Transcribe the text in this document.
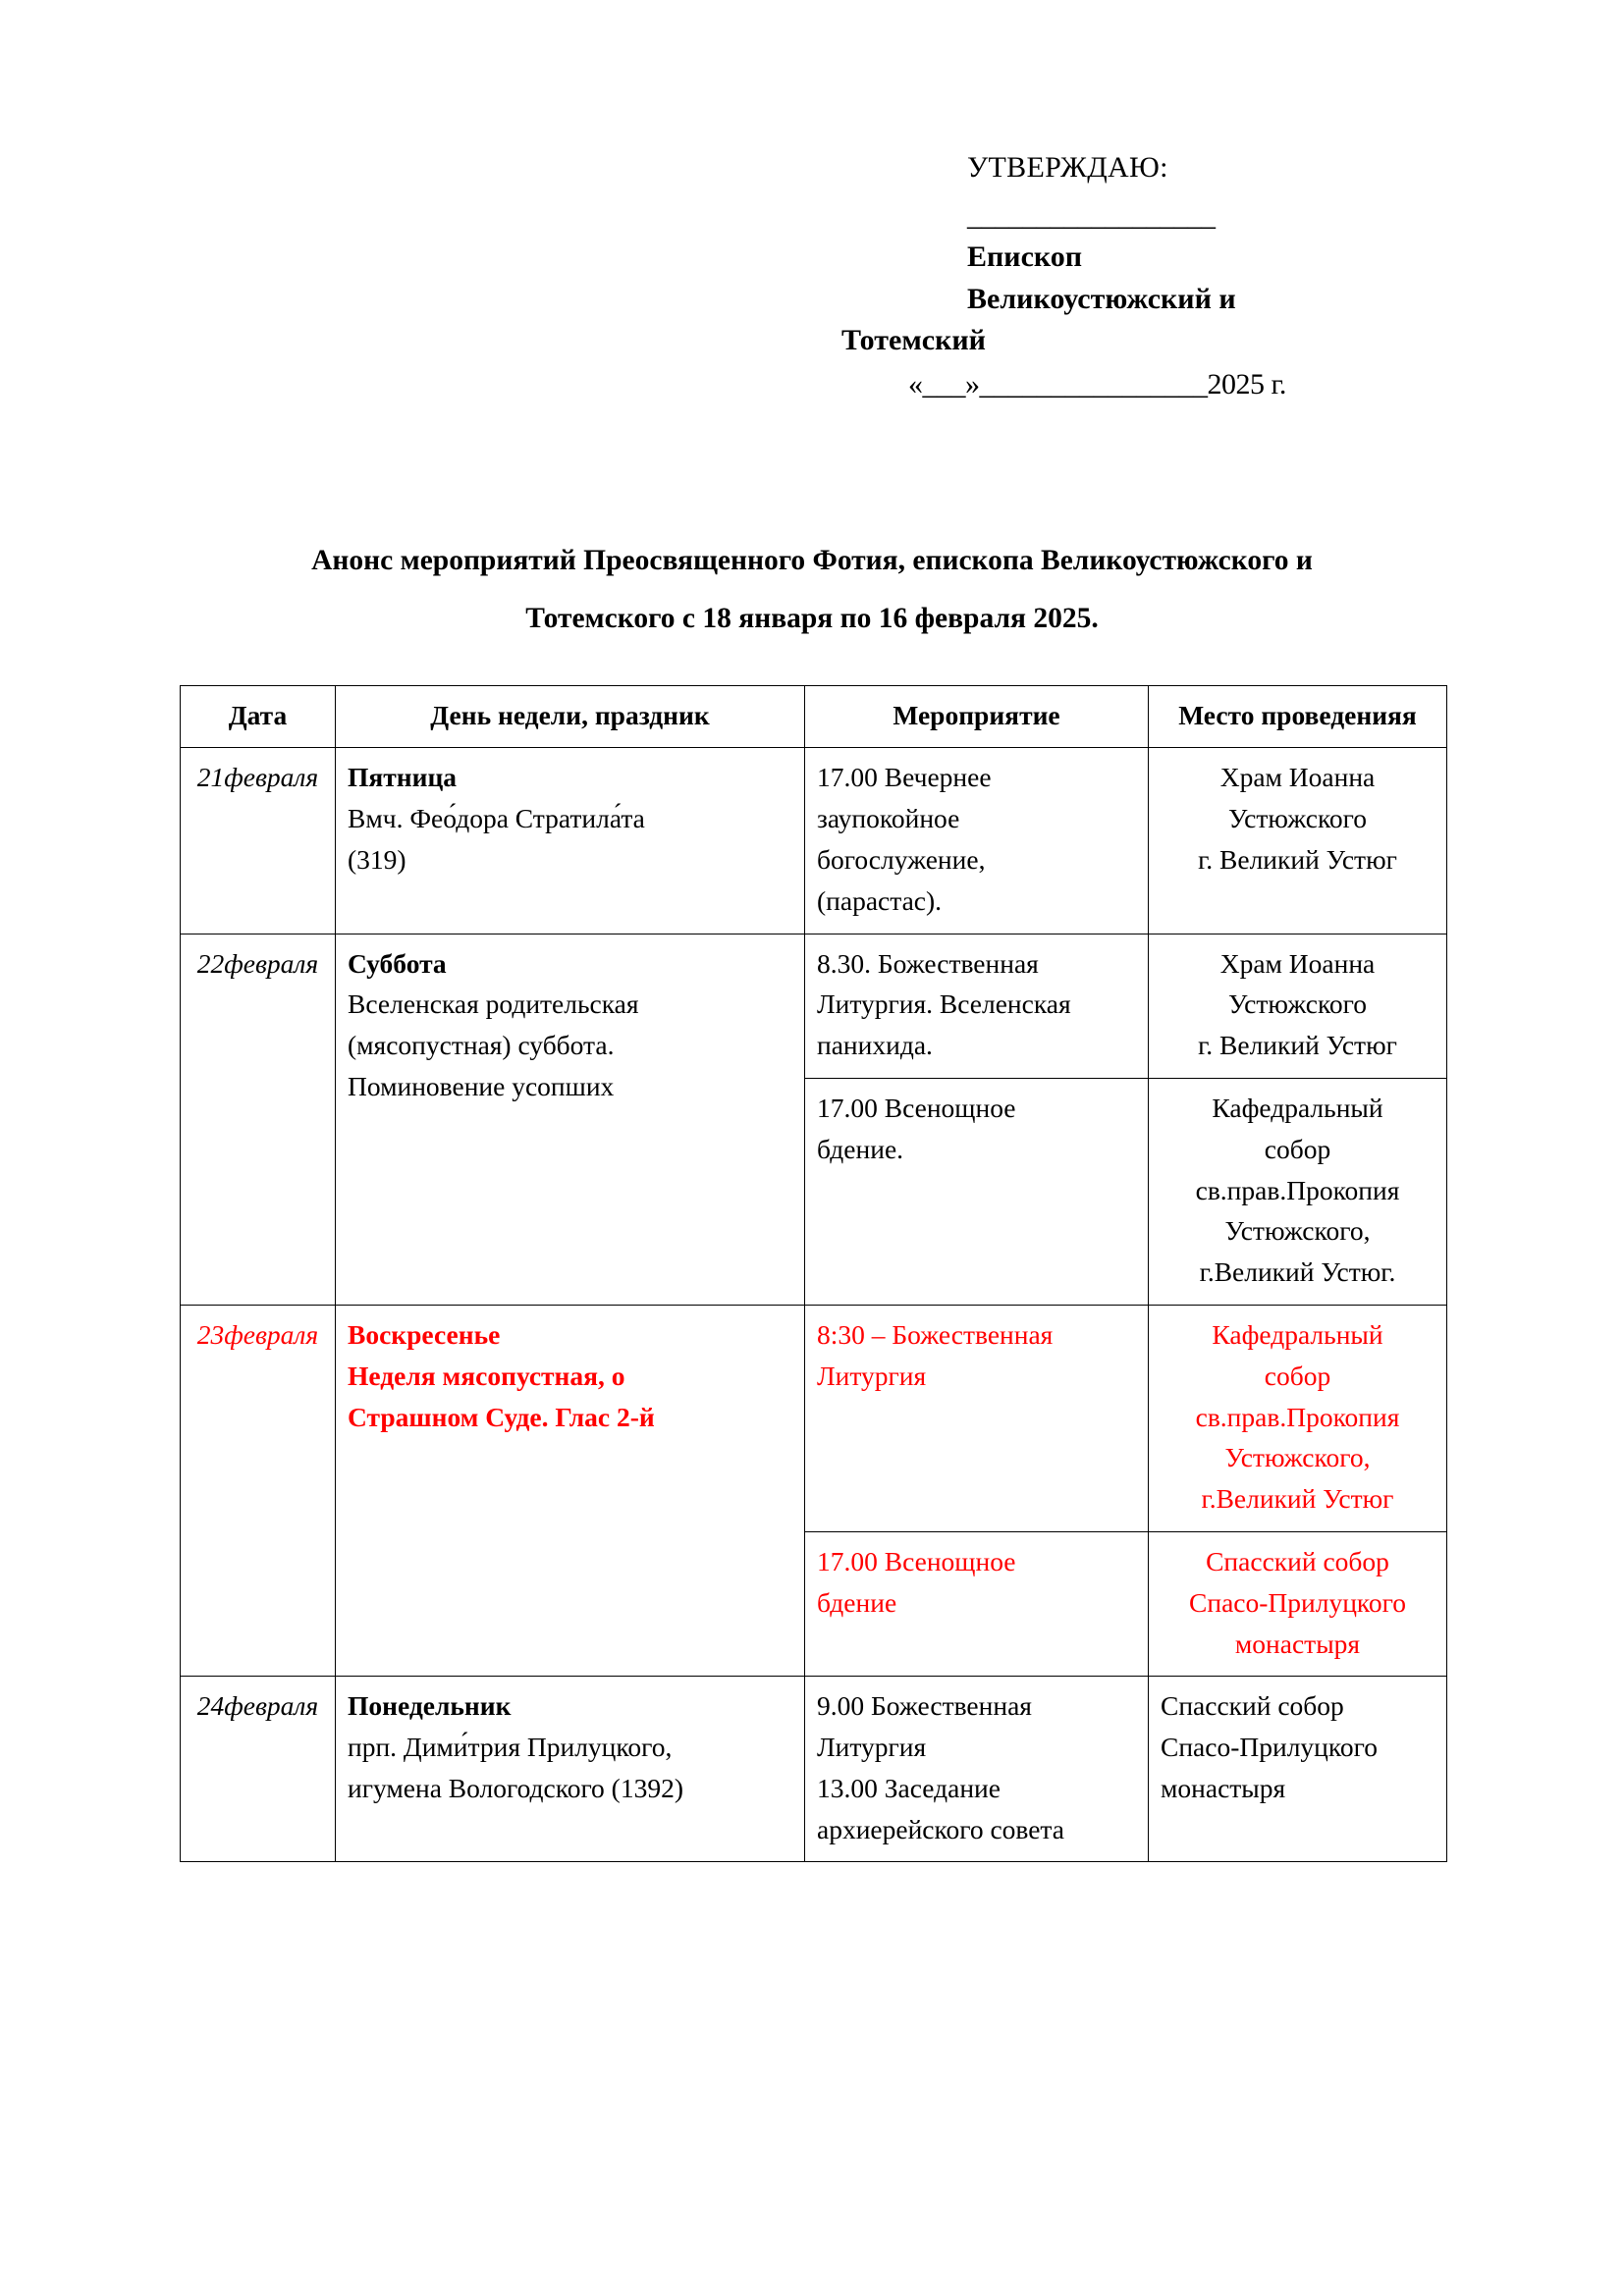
УТВЕРЖДАЮ:
__________________
Епископ
Великоустюжский и
Тотемский
«___»________________2025 г.
Анонс мероприятий Преосвященного Фотия, епископа Великоустюжского и
Тотемского с 18 января по 16 февраля 2025.
Дата	День недели, праздник	Мероприятие	Место проведенияя
21февраля	Пятница
Вмч. Фео́дора Стратила́та
(319)	17.00 Вечернее
заупокойное
богослужение,
(парастас).	Храм Иоанна
Устюжского
г. Великий Устюг

22февраля	Суббота
Вселенская родительская
(мясопустная) суббота.
Поминовение усопших	8.30. Божественная
Литургия. Вселенская
панихида.	Храм Иоанна
Устюжского
г. Великий Устюг

		17.00 Всенощное
бдение.	Кафедральный
собор
св.прав.Прокопия
Устюжского,
г.Великий Устюг.

23февраля	Воскресенье
Неделя мясопустная, о
Страшном Суде. Глас 2-й	8:30 – Божественная
Литургия	Кафедральный
собор
св.прав.Прокопия
Устюжского,
г.Великий Устюг

		17.00 Всенощное
бдение	Спасский собор
Спасо-Прилуцкого
монастыря

24февраля	Понедельник
прп. Дими́трия Прилуцкого,
игумена Вологодского (1392)	9.00 Божественная
Литургия
13.00 Заседание
архиерейского совета	Спасский собор
Спасо-Прилуцкого
монастыря
